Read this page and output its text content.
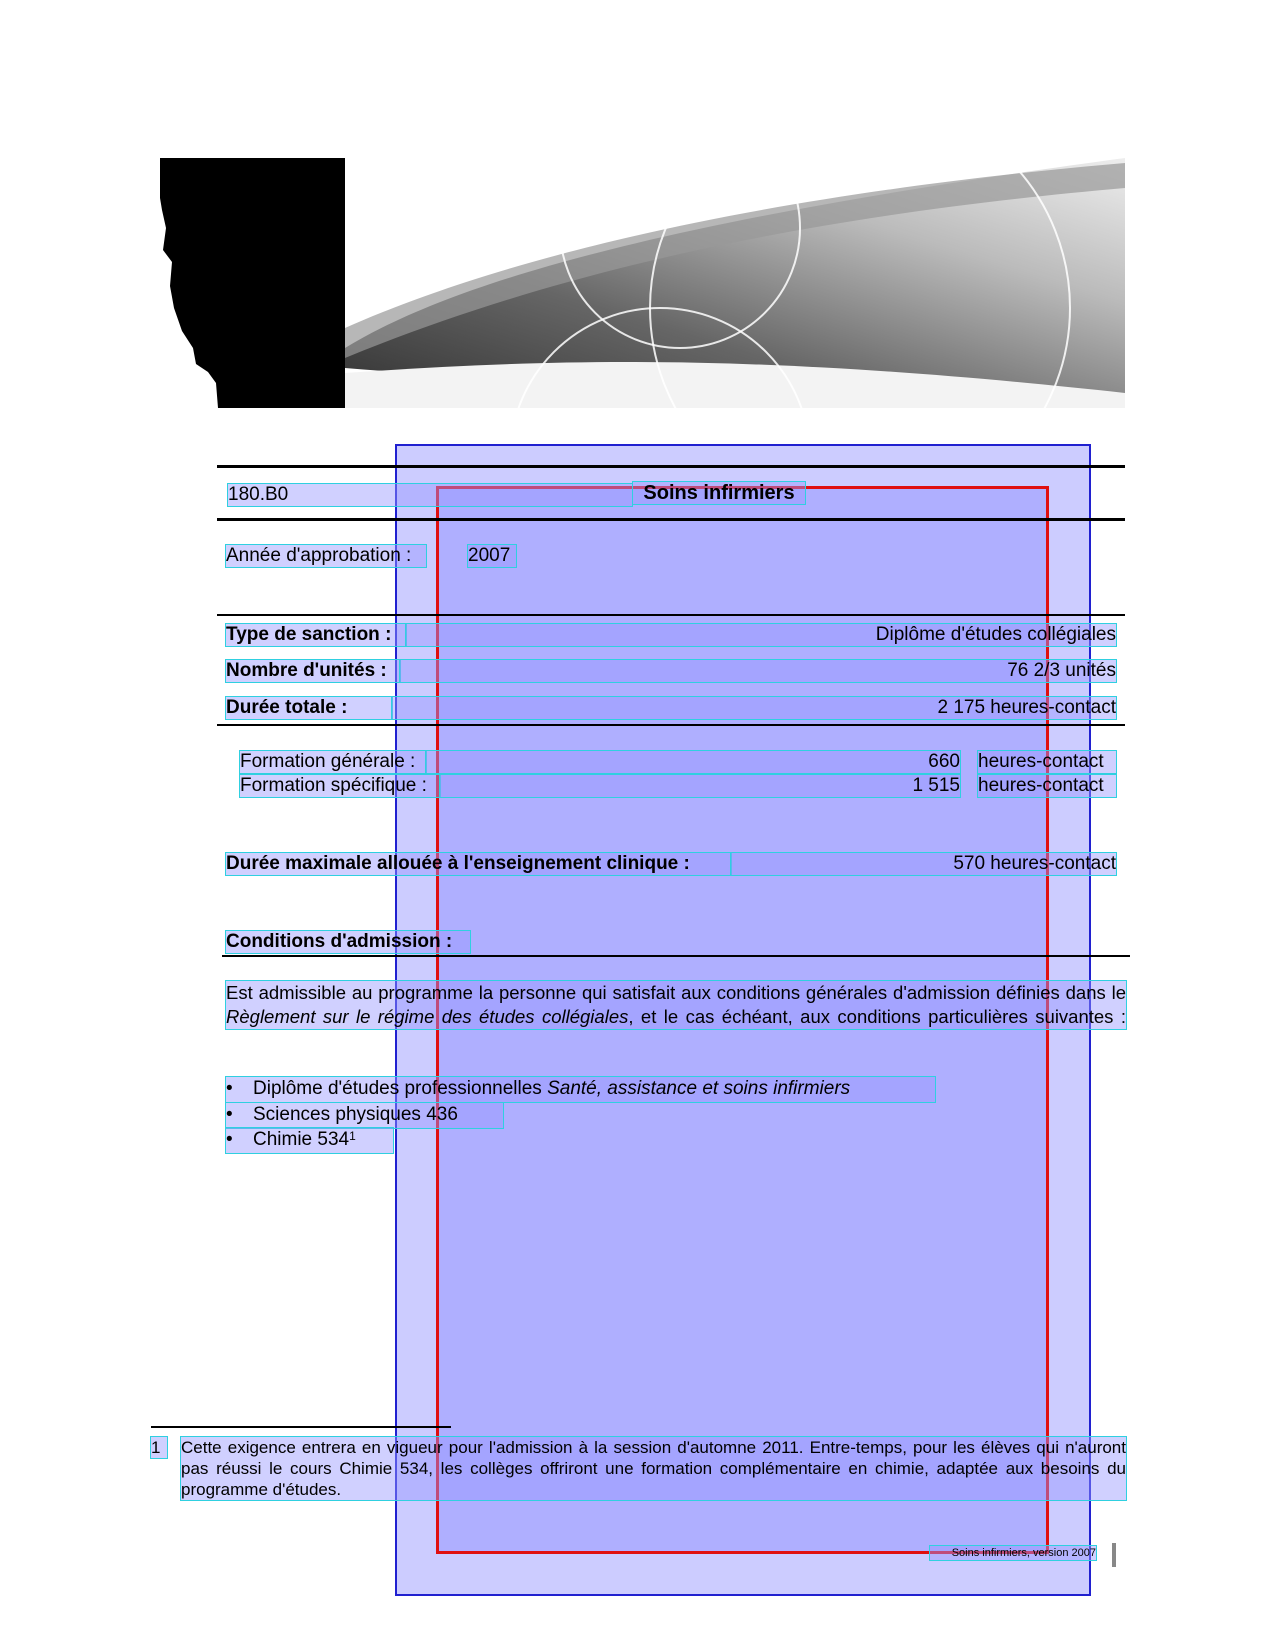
180.B0	Soins infirmiers
Année d'approbation :	2007
Type de sanction :	Diplôme d'études collégiales
Nombre d'unités :	76 2/3 unités
Durée totale :	2 175 heures-contact
Formation générale :	660 heures-contact
Formation spécifique :	1 515 heures-contact
Durée maximale allouée à l'enseignement clinique :	570 heures-contact
Conditions d'admission :
Est admissible au programme la personne qui satisfait aux conditions générales d'admission définies dans le Règlement sur le régime des études collégiales, et le cas échéant, aux conditions particulières suivantes :
• Diplôme d'études professionnelles Santé, assistance et soins infirmiers
• Sciences physiques 436
• Chimie $534^1$
1	Cette exigence entrera en vigueur pour l'admission à la session d'automne 2011. Entre-temps, pour les élèves qui n'auront pas réussi le cours Chimie 534, les collèges offriront une formation complémentaire en chimie, adaptée aux besoins du programme d'études.
Soins infirmiers, version 2007
